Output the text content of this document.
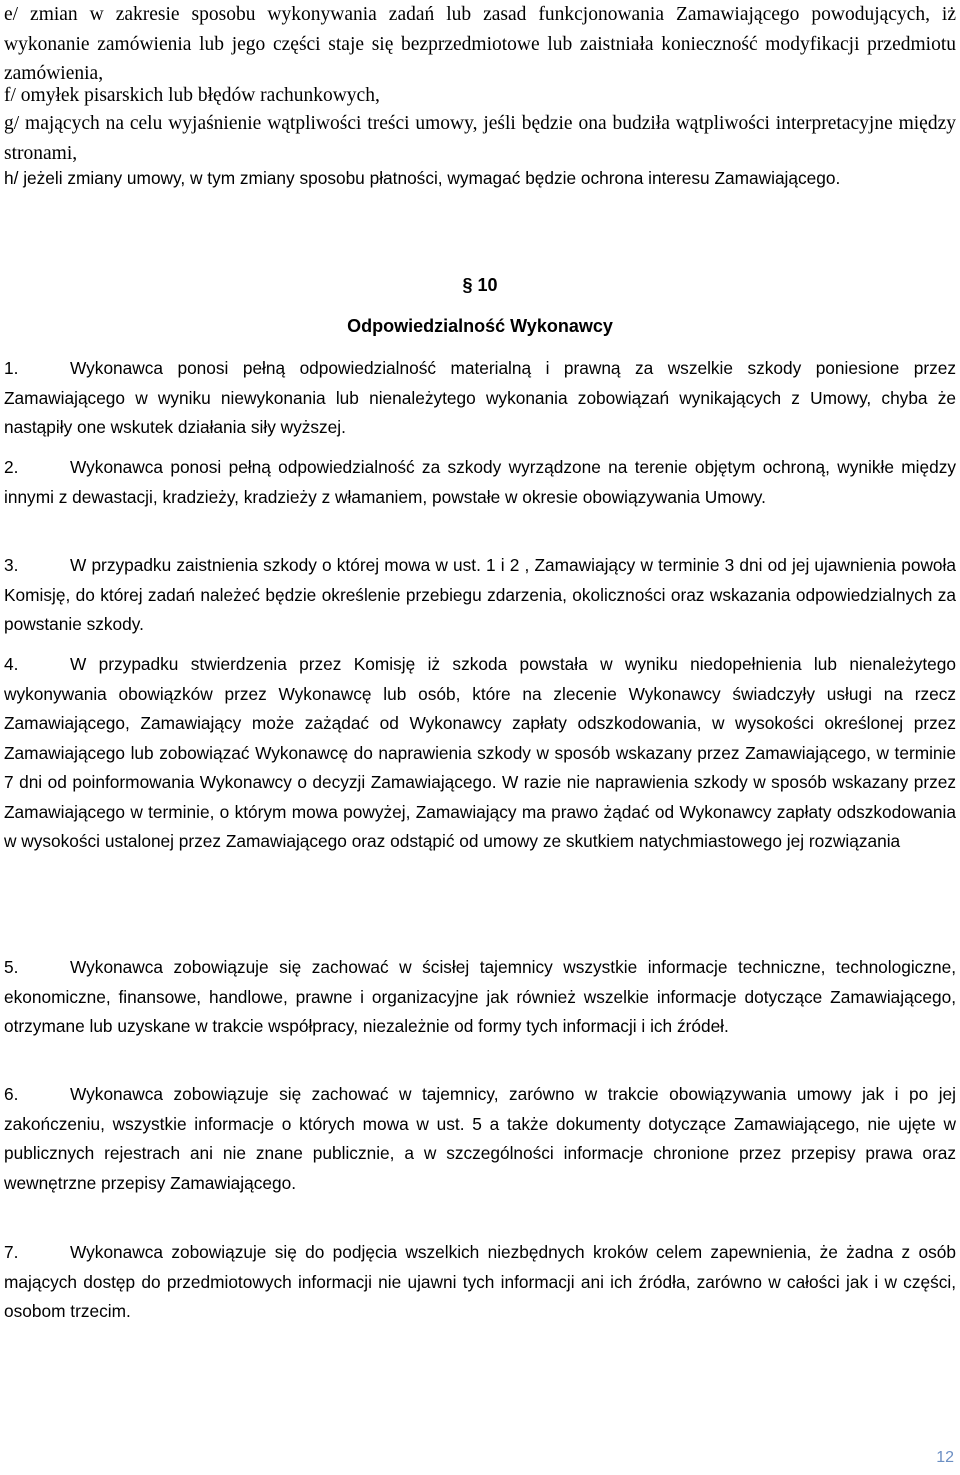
e/ zmian w zakresie sposobu wykonywania zadań lub zasad funkcjonowania Zamawiającego powodujących, iż wykonanie zamówienia lub jego części staje się bezprzedmiotowe lub zaistniała konieczność modyfikacji przedmiotu zamówienia,
f/ omyłek pisarskich lub błędów rachunkowych,
g/ mających na celu wyjaśnienie wątpliwości treści umowy, jeśli będzie ona budziła wątpliwości interpretacyjne między stronami,
h/ jeżeli zmiany umowy, w tym zmiany sposobu płatności, wymagać będzie ochrona interesu Zamawiającego.
§ 10
Odpowiedzialność Wykonawcy

1.	Wykonawca ponosi pełną odpowiedzialność materialną i prawną za wszelkie szkody poniesione przez Zamawiającego w wyniku niewykonania lub nienależytego wykonania zobowiązań wynikających z Umowy, chyba że nastąpiły one wskutek działania siły wyższej.

2.	Wykonawca ponosi pełną odpowiedzialność za szkody wyrządzone na terenie objętym ochroną, wynikłe między innymi z dewastacji, kradzieży, kradzieży z włamaniem, powstałe w okresie obowiązywania Umowy.

3.	W przypadku zaistnienia szkody o której mowa w ust. 1 i 2 , Zamawiający w terminie 3 dni od jej ujawnienia powoła Komisję, do której zadań należeć będzie określenie przebiegu zdarzenia, okoliczności oraz wskazania odpowiedzialnych za powstanie szkody.

4.	W przypadku stwierdzenia przez Komisję iż szkoda powstała w wyniku niedopełnienia lub nienależytego wykonywania obowiązków przez Wykonawcę lub osób, które na zlecenie Wykonawcy świadczyły usługi na rzecz Zamawiającego, Zamawiający może zażądać od Wykonawcy zapłaty odszkodowania, w wysokości określonej przez Zamawiającego lub zobowiązać Wykonawcę do naprawienia szkody w sposób wskazany przez Zamawiającego, w terminie 7 dni od poinformowania Wykonawcy o decyzji Zamawiającego. W razie nie naprawienia szkody w sposób wskazany przez Zamawiającego w terminie, o którym mowa powyżej, Zamawiający ma prawo żądać od Wykonawcy zapłaty odszkodowania w wysokości ustalonej przez Zamawiającego oraz odstąpić od umowy ze skutkiem natychmiastowego jej rozwiązania

5.	Wykonawca zobowiązuje się zachować w ścisłej tajemnicy wszystkie informacje techniczne, technologiczne, ekonomiczne, finansowe, handlowe, prawne i organizacyjne jak również wszelkie informacje dotyczące Zamawiającego, otrzymane lub uzyskane w trakcie współpracy, niezależnie od formy tych informacji i ich źródeł.

6.	Wykonawca zobowiązuje się zachować w tajemnicy, zarówno w trakcie obowiązywania umowy jak i po jej zakończeniu, wszystkie informacje o których mowa w ust. 5 a także dokumenty dotyczące Zamawiającego, nie ujęte w publicznych rejestrach ani nie znane publicznie, a w szczególności informacje chronione przez przepisy prawa oraz wewnętrzne przepisy Zamawiającego.

7.	Wykonawca zobowiązuje się do podjęcia wszelkich niezbędnych kroków celem zapewnienia, że żadna z osób mających dostęp do przedmiotowych informacji nie ujawni tych informacji ani ich źródła, zarówno w całości jak i w części, osobom trzecim.

12
